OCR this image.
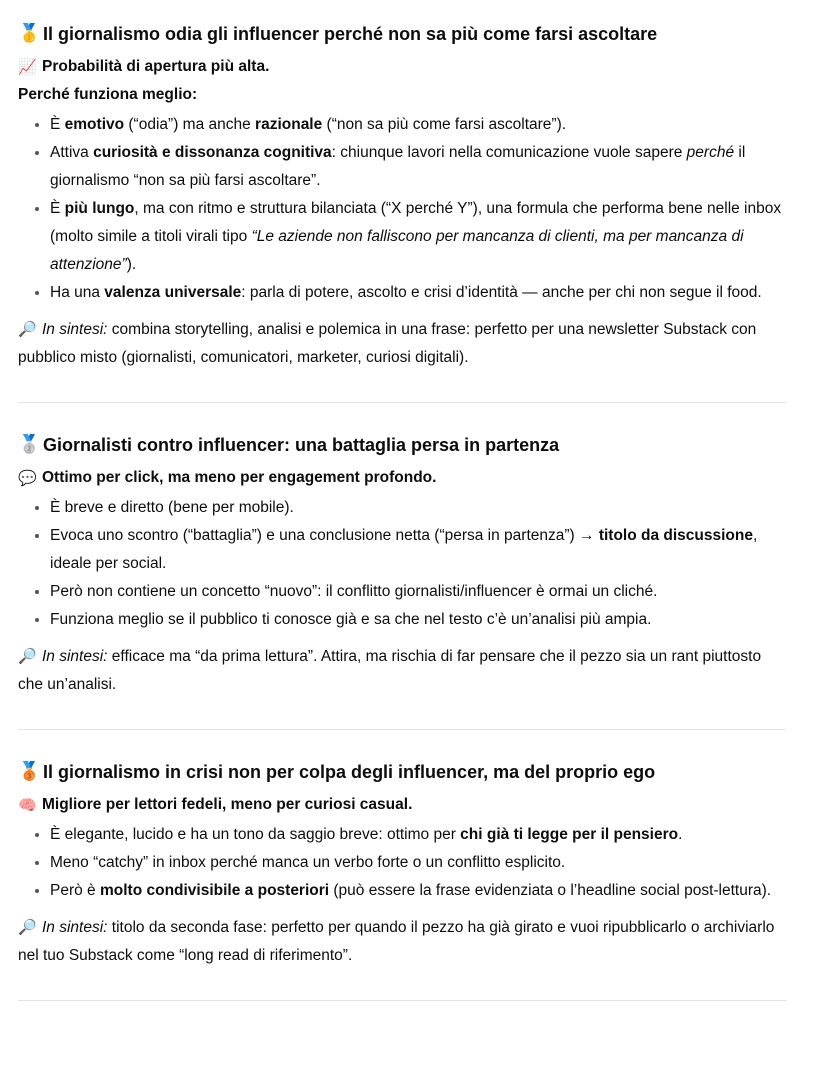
🥇 Il giornalismo odia gli influencer perché non sa più come farsi ascoltare

📈 Probabilità di apertura più alta.

Perché funziona meglio:

• È emotivo (“odia”) ma anche razionale (“non sa più come farsi ascoltare”).
• Attiva curiosità e dissonanza cognitiva: chiunque lavori nella comunicazione vuole sapere perché il giornalismo “non sa più farsi ascoltare”.
• È più lungo, ma con ritmo e struttura bilanciata (“X perché Y”), una formula che performa bene nelle inbox (molto simile a titoli virali tipo “Le aziende non falliscono per mancanza di clienti, ma per mancanza di attenzione”).
• Ha una valenza universale: parla di potere, ascolto e crisi d’identità — anche per chi non segue il food.

🔎 In sintesi: combina storytelling, analisi e polemica in una frase: perfetto per una newsletter Substack con pubblico misto (giornalisti, comunicatori, marketer, curiosi digitali).

🥈 Giornalisti contro influencer: una battaglia persa in partenza

💬 Ottimo per click, ma meno per engagement profondo.

• È breve e diretto (bene per mobile).
• Evoca uno scontro (“battaglia”) e una conclusione netta (“persa in partenza”) → titolo da discussione, ideale per social.
• Però non contiene un concetto “nuovo”: il conflitto giornalisti/influencer è ormai un cliché.
• Funziona meglio se il pubblico ti conosce già e sa che nel testo c’è un’analisi più ampia.

🔎 In sintesi: efficace ma “da prima lettura”. Attira, ma rischia di far pensare che il pezzo sia un rant piuttosto che un’analisi.

🥉 Il giornalismo in crisi non per colpa degli influencer, ma del proprio ego

🧠 Migliore per lettori fedeli, meno per curiosi casual.

• È elegante, lucido e ha un tono da saggio breve: ottimo per chi già ti legge per il pensiero.
• Meno “catchy” in inbox perché manca un verbo forte o un conflitto esplicito.
• Però è molto condivisibile a posteriori (può essere la frase evidenziata o l’headline social post-lettura).

🔎 In sintesi: titolo da seconda fase: perfetto per quando il pezzo ha già girato e vuoi ripubblicarlo o archiviarlo nel tuo Substack come “long read di riferimento”.
